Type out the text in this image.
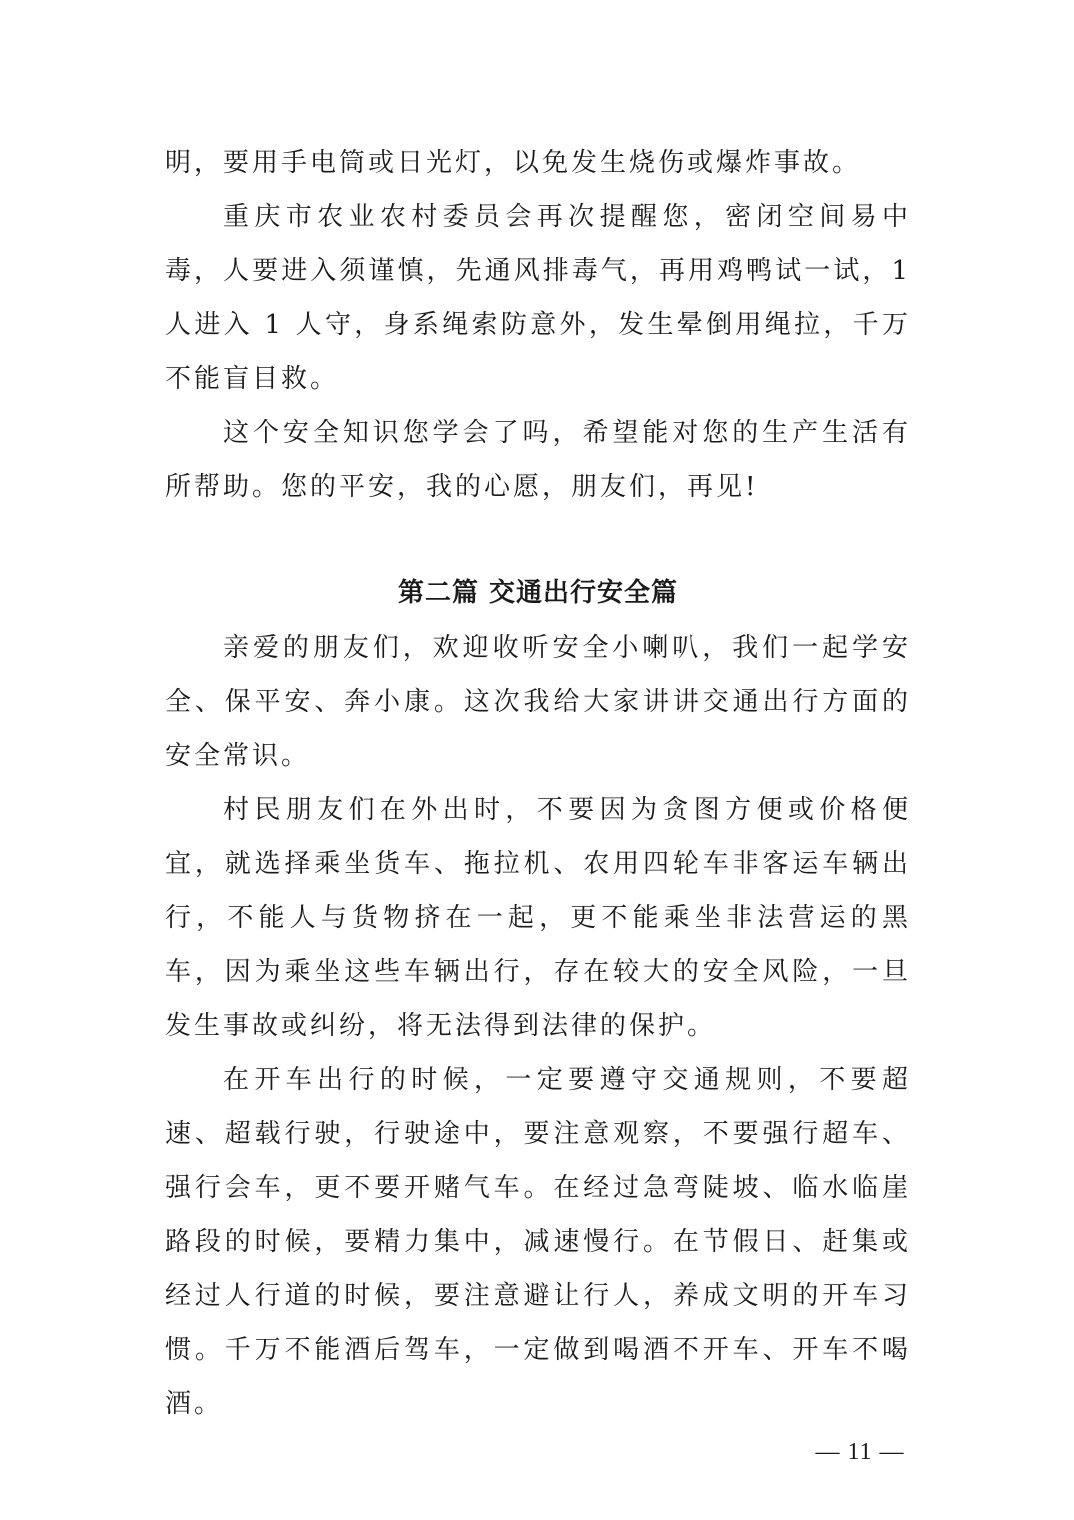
明，要用手电筒或日光灯，以免发生烧伤或爆炸事故。

重庆市农业农村委员会再次提醒您，密闭空间易中毒，人要进入须谨慎，先通风排毒气，再用鸡鸭试一试，1 人进入 1 人守，身系绳索防意外，发生晕倒用绳拉，千万不能盲目救。

这个安全知识您学会了吗，希望能对您的生产生活有所帮助。您的平安，我的心愿，朋友们，再见!

第二篇 交通出行安全篇

亲爱的朋友们，欢迎收听安全小喇叭，我们一起学安全、保平安、奔小康。这次我给大家讲讲交通出行方面的安全常识。

村民朋友们在外出时，不要因为贪图方便或价格便宜，就选择乘坐货车、拖拉机、农用四轮车非客运车辆出行，不能人与货物挤在一起，更不能乘坐非法营运的黑车，因为乘坐这些车辆出行，存在较大的安全风险，一旦发生事故或纠纷，将无法得到法律的保护。

在开车出行的时候，一定要遵守交通规则，不要超速、超载行驶，行驶途中，要注意观察，不要强行超车、强行会车，更不要开赌气车。在经过急弯陡坡、临水临崖路段的时候，要精力集中，减速慢行。在节假日、赶集或经过人行道的时候，要注意避让行人，养成文明的开车习惯。千万不能酒后驾车，一定做到喝酒不开车、开车不喝酒。

— 11 —
